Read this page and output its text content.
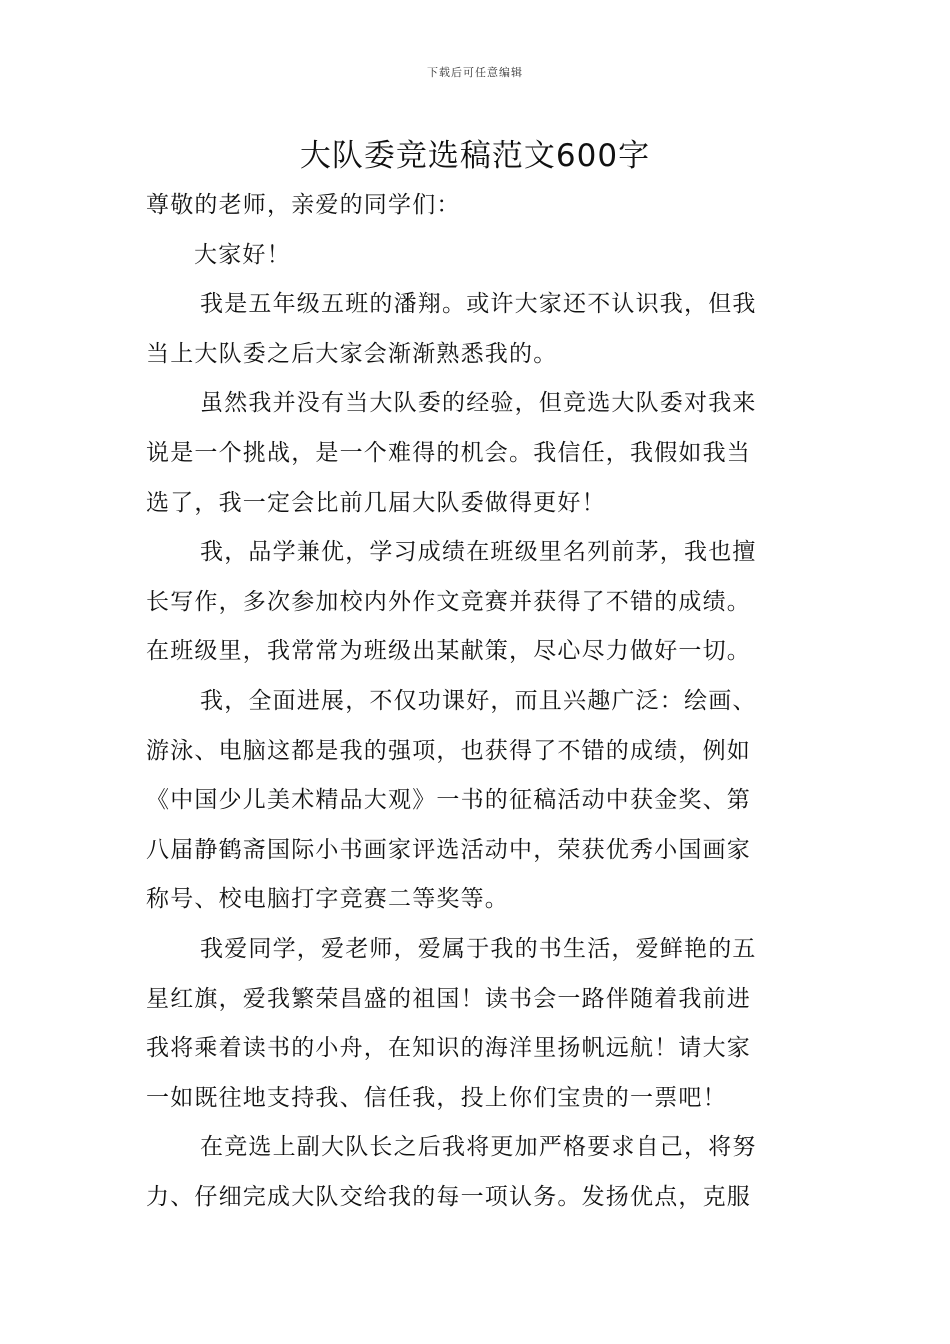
下载后可任意编辑
大队委竞选稿范文600字
尊敬的老师，亲爱的同学们：
大家好！
我是五年级五班的潘翔。或许大家还不认识我，但我
当上大队委之后大家会渐渐熟悉我的。
虽然我并没有当大队委的经验，但竞选大队委对我来
说是一个挑战，是一个难得的机会。我信任，我假如我当
选了，我一定会比前几届大队委做得更好！
我，品学兼优，学习成绩在班级里名列前茅，我也擅
长写作，多次参加校内外作文竞赛并获得了不错的成绩。
在班级里，我常常为班级出某献策，尽心尽力做好一切。
我，全面进展，不仅功课好，而且兴趣广泛：绘画、
游泳、电脑这都是我的强项，也获得了不错的成绩，例如
《中国少儿美术精品大观》一书的征稿活动中获金奖、第
八届静鹤斋国际小书画家评选活动中，荣获优秀小国画家
称号、校电脑打字竞赛二等奖等。
我爱同学，爱老师，爱属于我的书生活，爱鲜艳的五
星红旗，爱我繁荣昌盛的祖国！读书会一路伴随着我前进
我将乘着读书的小舟，在知识的海洋里扬帆远航！请大家
一如既往地支持我、信任我，投上你们宝贵的一票吧！
在竞选上副大队长之后我将更加严格要求自己，将努
力、仔细完成大队交给我的每一项认务。发扬优点，克服
